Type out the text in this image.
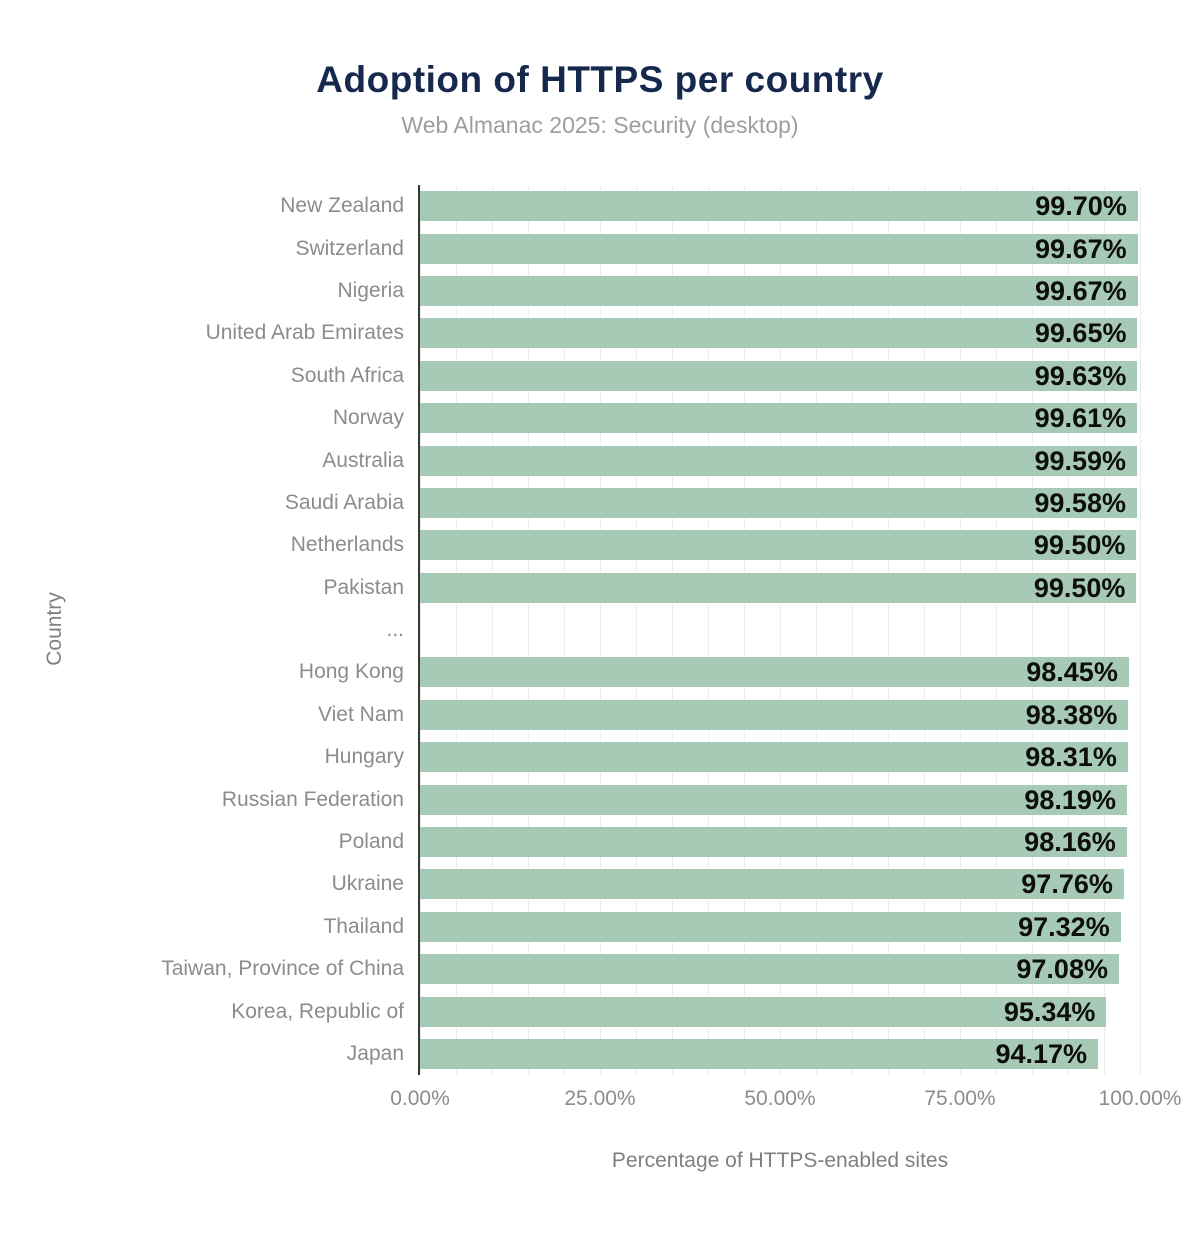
Adoption of HTTPS per country
Web Almanac 2025: Security (desktop)
New Zealand	99.70%
Switzerland	99.67%
Nigeria	99.67%
United Arab Emirates	99.65%
South Africa	99.63%
Norway	99.61%
Australia	99.59%
Saudi Arabia	99.58%
Netherlands	99.50%
Pakistan	99.50%
...
Hong Kong	98.45%
Viet Nam	98.38%
Hungary	98.31%
Russian Federation	98.19%
Poland	98.16%
Ukraine	97.76%
Thailand	97.32%
Taiwan, Province of China	97.08%
Korea, Republic of	95.34%
Japan	94.17%
0.00%	25.00%	50.00%	75.00%	100.00%
Percentage of HTTPS-enabled sites
Country
